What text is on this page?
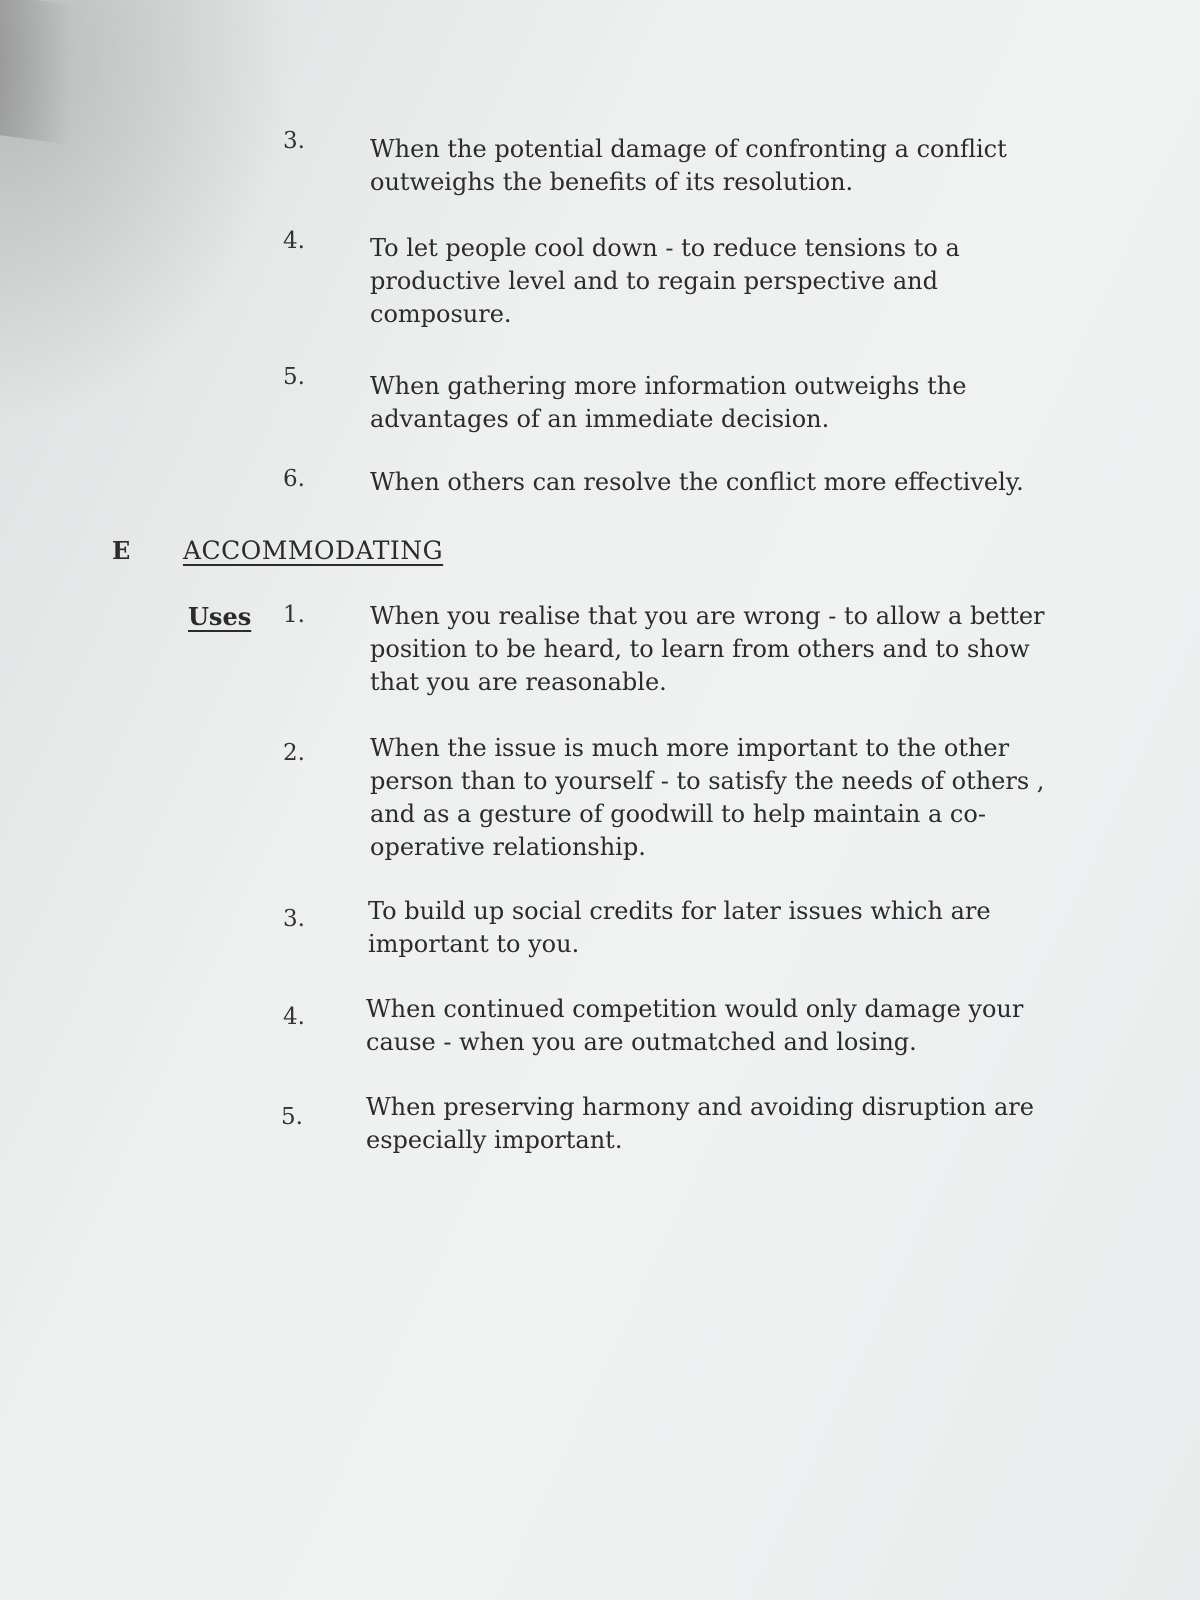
3.	When the potential damage of confronting a conflict
outweighs the benefits of its resolution.
4.	To let people cool down - to reduce tensions to a
productive level and to regain perspective and
composure.
5.	When gathering more information outweighs the
advantages of an immediate decision.
6.	When others can resolve the conflict more effectively.
E ACCOMMODATING
Uses 1.	When you realise that you are wrong - to allow a better
position to be heard, to learn from others and to show
that you are reasonable.
2.	When the issue is much more important to the other
person than to yourself - to satisfy the needs of others ,
and as a gesture of goodwill to help maintain a co-
operative relationship.
3.	To build up social credits for later issues which are
important to you.
4.	When continued competition would only damage your
cause - when you are outmatched and losing.
5.	When preserving harmony and avoiding disruption are
especially important.
